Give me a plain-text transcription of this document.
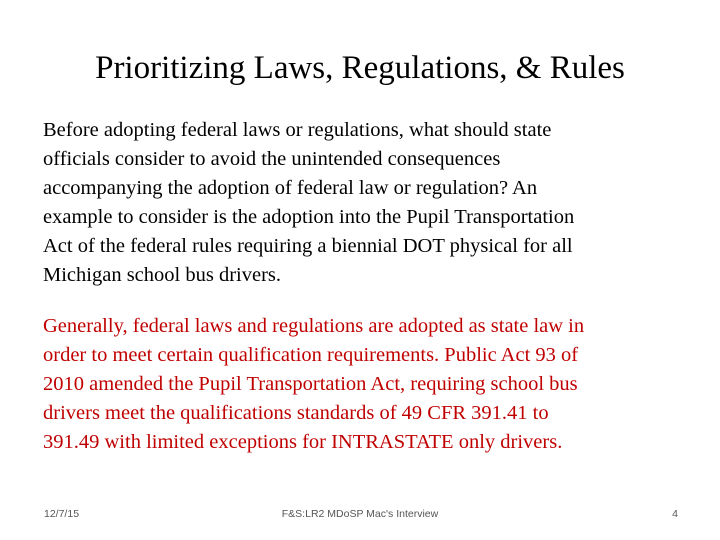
Prioritizing Laws, Regulations, & Rules
Before adopting federal laws or regulations, what should state
officials consider to avoid the unintended consequences
accompanying the adoption of federal law or regulation? An
example to consider is the adoption into the Pupil Transportation
Act of the federal rules requiring a biennial DOT physical for all
Michigan school bus drivers.
Generally, federal laws and regulations are adopted as state law in
order to meet certain qualification requirements. Public Act 93 of
2010 amended the Pupil Transportation Act, requiring school bus
drivers meet the qualifications standards of 49 CFR 391.41 to
391.49 with limited exceptions for INTRASTATE only drivers.
12/7/15	F&S:LR2 MDoSP Mac's Interview	4
